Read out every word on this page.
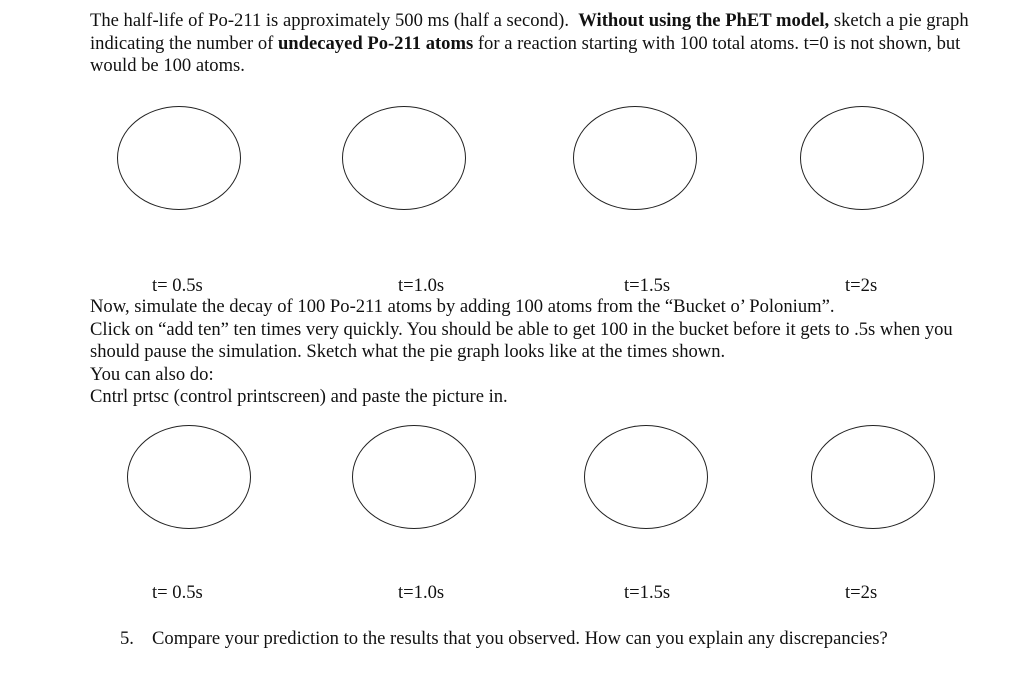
The half-life of Po-211 is approximately 500 ms (half a second). Without using the PhET model, sketch a pie graph indicating the number of undecayed Po-211 atoms for a reaction starting with 100 total atoms. t=0 is not shown, but would be 100 atoms.

t= 0.5s	t=1.0s	t=1.5s	t=2s

Now, simulate the decay of 100 Po-211 atoms by adding 100 atoms from the “Bucket o’ Polonium”.
Click on “add ten” ten times very quickly. You should be able to get 100 in the bucket before it gets to .5s when you should pause the simulation. Sketch what the pie graph looks like at the times shown.
You can also do:
Cntrl prtsc (control printscreen) and paste the picture in.

t= 0.5s	t=1.0s	t=1.5s	t=2s

5. Compare your prediction to the results that you observed. How can you explain any discrepancies?
